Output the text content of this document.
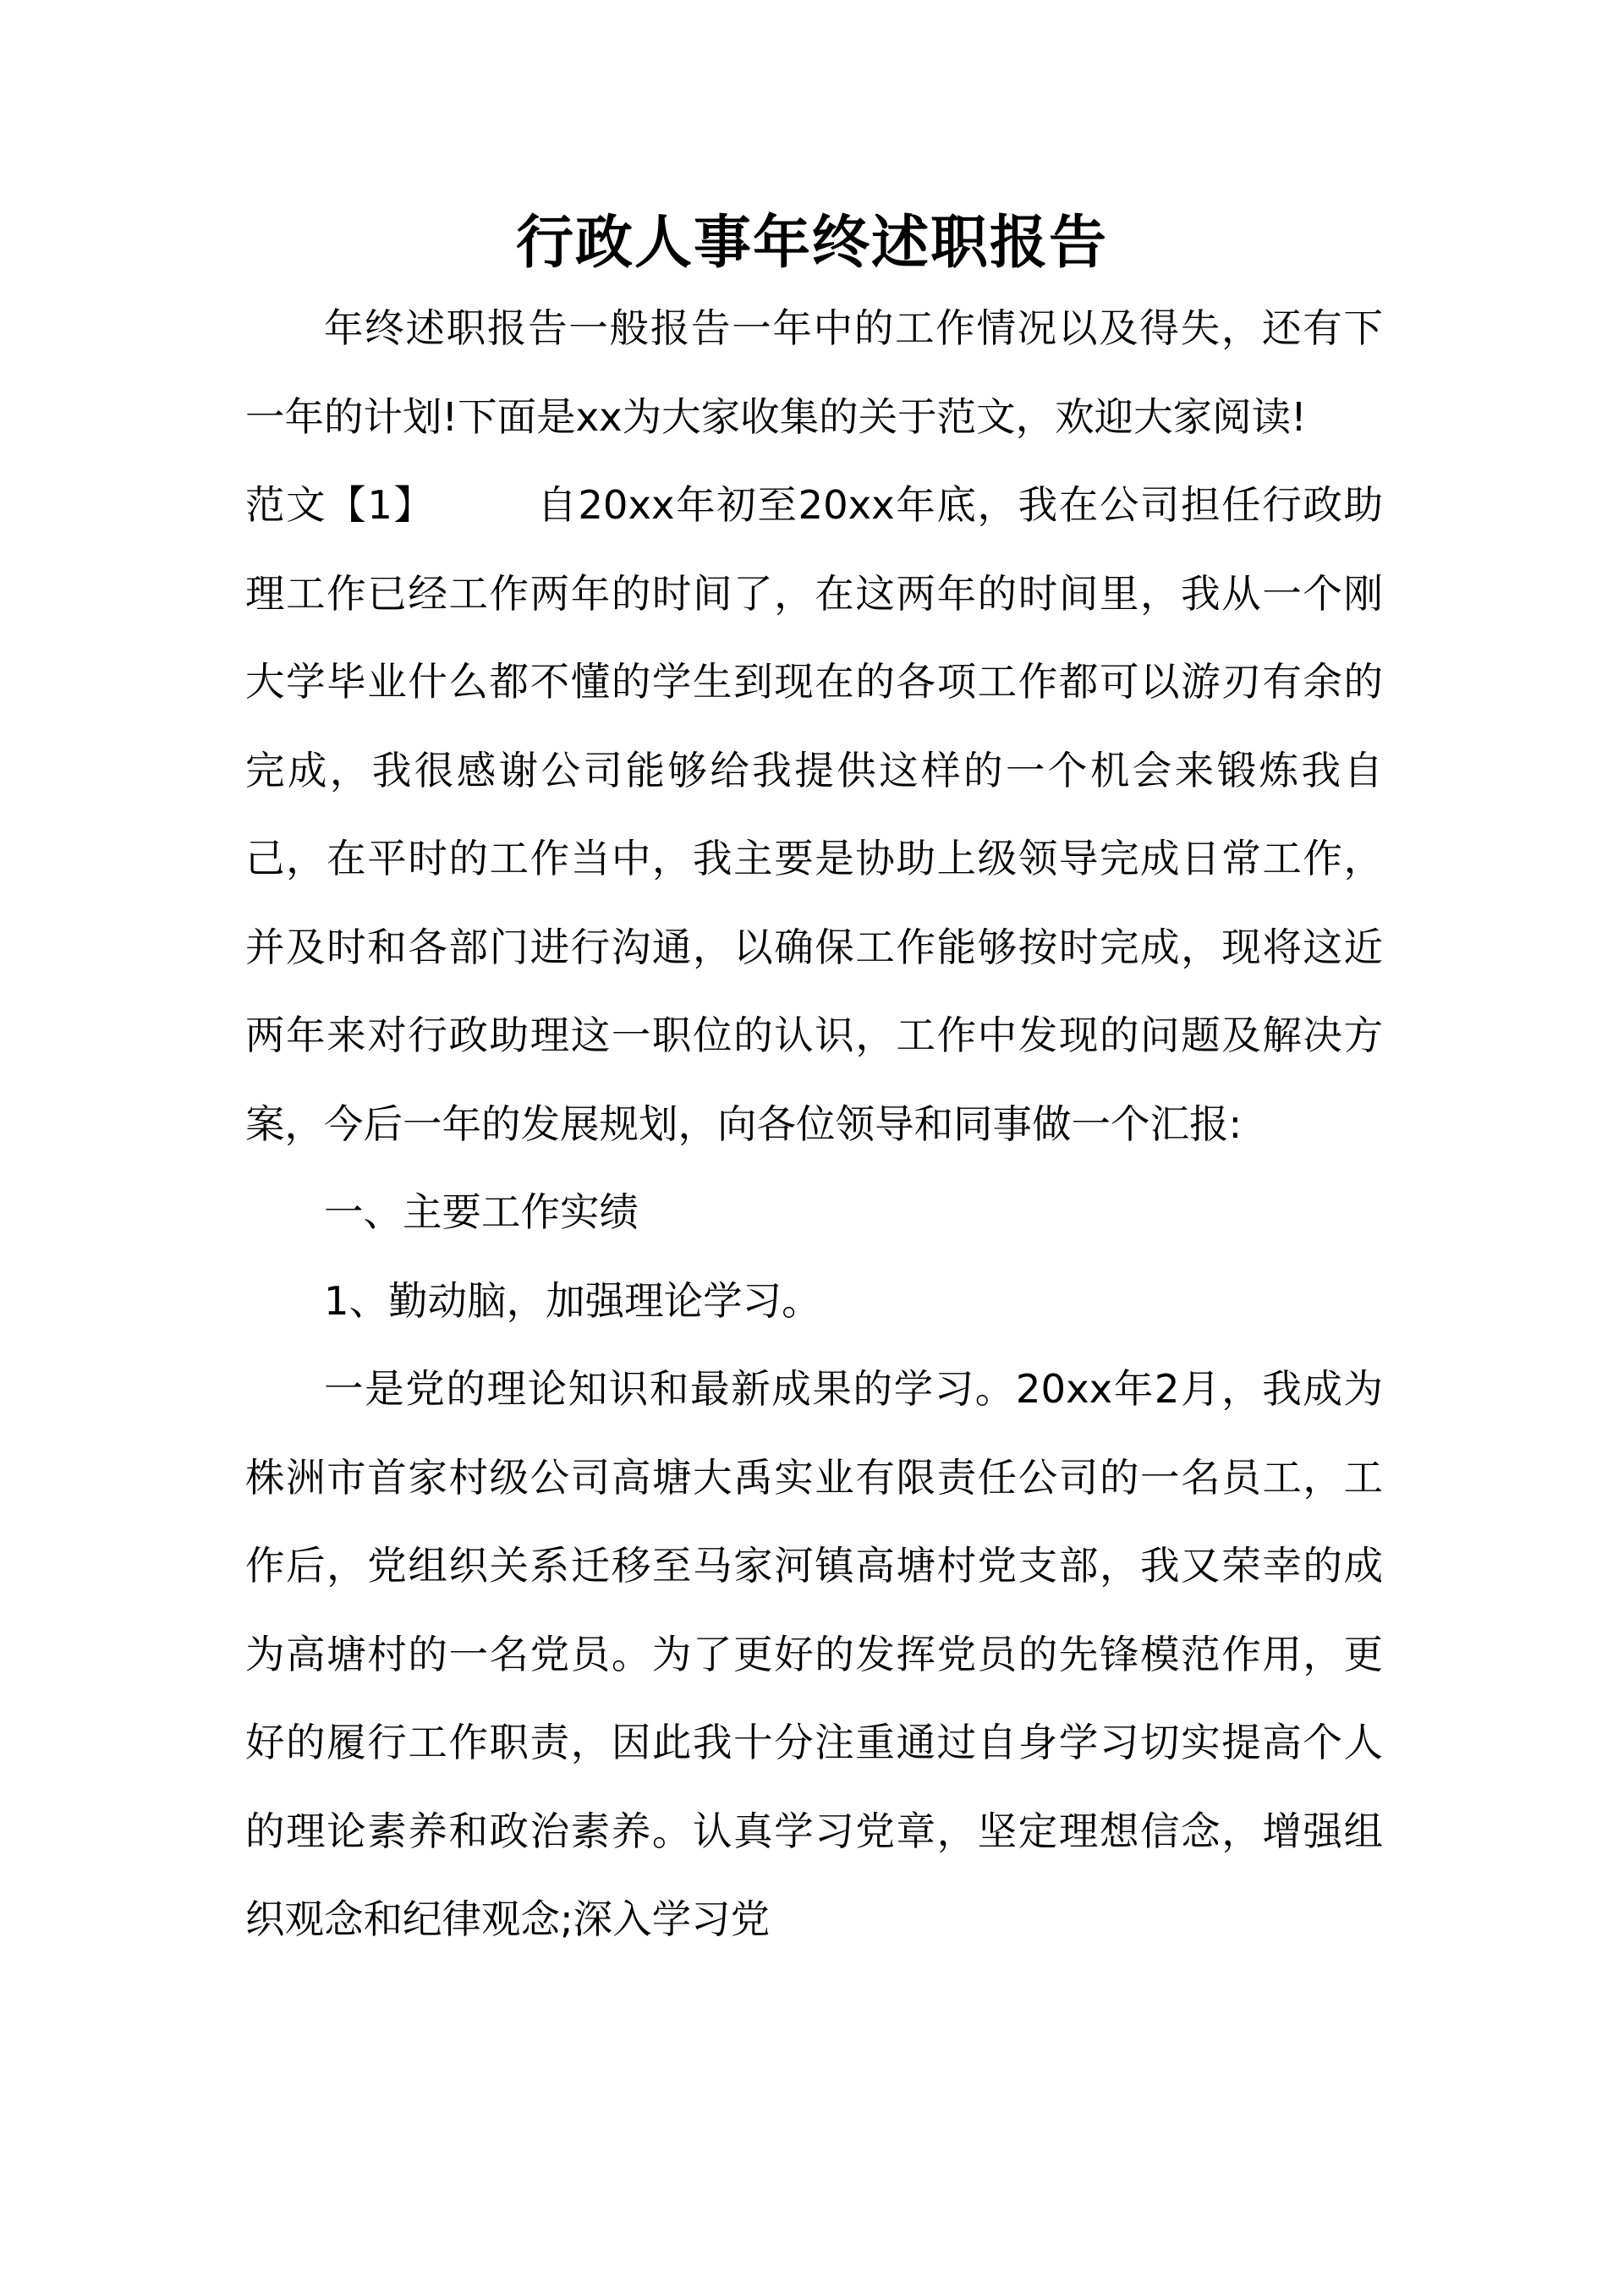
行政人事年终述职报告

年终述职报告一般报告一年中的工作情况以及得失，还有下一年的计划!下面是xx为大家收集的关于范文，欢迎大家阅读!

范文【1】	自20xx年初至20xx年底，我在公司担任行政助理工作已经工作两年的时间了，在这两年的时间里，我从一个刚大学毕业什么都不懂的学生到现在的各项工作都可以游刃有余的完成，我很感谢公司能够给我提供这样的一个机会来锻炼我自己，在平时的工作当中，我主要是协助上级领导完成日常工作，并及时和各部门进行沟通，以确保工作能够按时完成，现将这近两年来对行政助理这一职位的认识，工作中发现的问题及解决方案，今后一年的发展规划，向各位领导和同事做一个汇报:

一、主要工作实绩

1、勤动脑，加强理论学习。

一是党的理论知识和最新成果的学习。20xx年2月，我成为株洲市首家村级公司高塘大禹实业有限责任公司的一名员工，工作后，党组织关系迁移至马家河镇高塘村党支部，我又荣幸的成为高塘村的一名党员。为了更好的发挥党员的先锋模范作用，更好的履行工作职责，因此我十分注重通过自身学习切实提高个人的理论素养和政治素养。认真学习党章，坚定理想信念，增强组织观念和纪律观念;深入学习党
